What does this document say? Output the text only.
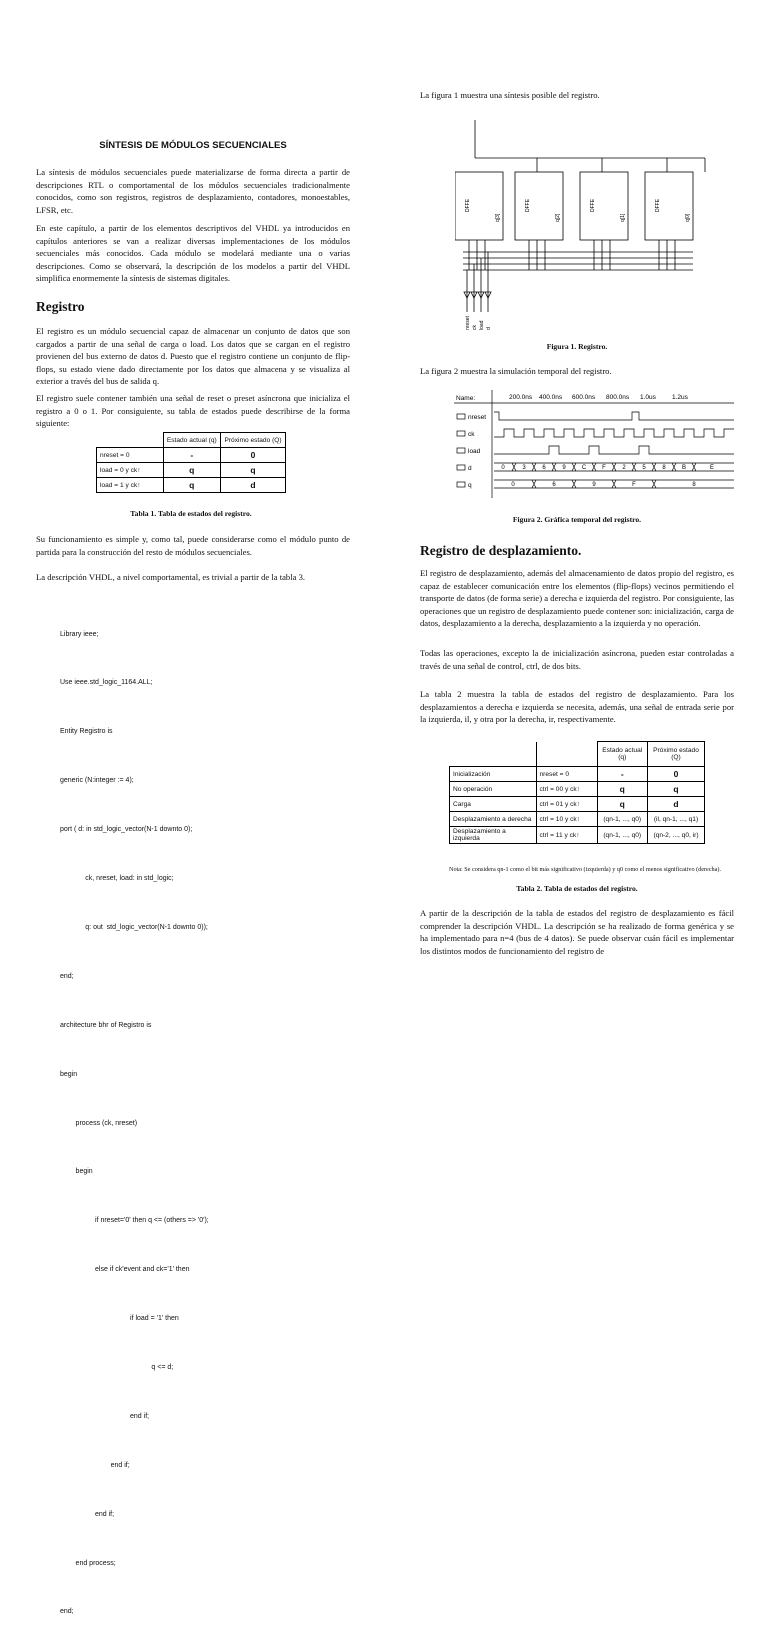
SÍNTESIS DE MÓDULOS SECUENCIALES

La síntesis de módulos secuenciales puede materializarse de forma directa a partir de descripciones RTL o comportamental de los módulos secuenciales tradicionalmente conocidos, como son registros, registros de desplazamiento, contadores, monoestables, LFSR, etc.

En este capítulo, a partir de los elementos descriptivos del VHDL ya introducidos en capítulos anteriores se van a realizar diversas implementaciones de los módulos secuenciales más conocidos. Cada módulo se modelará mediante una o varias descripciones. Como se observará, la descripción de los modelos a partir del VHDL simplifica enormemente la síntesis de sistemas digitales.

Registro

El registro es un módulo secuencial capaz de almacenar un conjunto de datos que son cargados a partir de una señal de carga o load. Los datos que se cargan en el registro provienen del bus externo de datos d. Puesto que el registro contiene un conjunto de flip-flops, su estado viene dado directamente por los datos que almacena y se visualiza al exterior a través del bus de salida q.

El registro suele contener también una señal de reset o preset asíncrona que inicializa el registro a 0 o 1. Por consiguiente, su tabla de estados puede describirse de la forma siguiente:

	Estado actual (q)	Próximo estado (Q)
nreset = 0	-	0
load = 0 y ck↑	q	q
load = 1 y ck↑	q	d
Tabla 1. Tabla de estados del registro.

Su funcionamiento es simple y, como tal, puede considerarse como el módulo punto de partida para la construcción del resto de módulos secuenciales.

La descripción VHDL, a nivel comportamental, es trivial a partir de la tabla 3.

Library ieee;

Use ieee.std_logic_1164.ALL;

Entity Registro is

generic (N:integer := 4);

port ( d: in std_logic_vector(N-1 downto 0);

ck, nreset, load: in std_logic;

q: out  std_logic_vector(N-1 downto 0));

end;

architecture bhr of Registro is

begin

process (ck, nreset)

begin

if nreset='0' then q <= (others => '0');

else if ck'event and ck='1' then

if load = '1' then

q <= d;

end if;

end if;

end if;

end process;

end;

La figura 1 muestra una síntesis posible del registro.

DFFE	DFFE	DFFE	DFFE
q[3]	q[2]	q[1]	q[0]
nreset ck load d
Figura 1. Registro.

La figura 2 muestra la simulación temporal del registro.

Name:	200.0ns 400.0ns 600.0ns 800.0ns 1.0us 1.2us
nreset
ck
load
d
q
0	3	6	9	C	F	2	5	8	B	E
0	6	9	F	8
Figura 2. Gráfica temporal del registro.
Registro de desplazamiento.

El registro de desplazamiento, además del almacenamiento de datos propio del registro, es capaz de establecer comunicación entre los elementos (flip-flops) vecinos permitiendo el transporte de datos (de forma serie) a derecha e izquierda del registro. Por consiguiente, las operaciones que un registro de desplazamiento puede contener son: inicialización, carga de datos, desplazamiento a la derecha, desplazamiento a la izquierda y no operación.

Todas las operaciones, excepto la de inicialización asíncrona, pueden estar controladas a través de una señal de control, ctrl, de dos bits.

La tabla 2 muestra la tabla de estados del registro de desplazamiento. Para los desplazamientos a derecha e izquierda se necesita, además, una señal de entrada serie por la izquierda, il, y otra por la derecha, ir, respectivamente.

		Estado actual (q)	Próximo estado (Q)
Inicialización	nreset = 0	-	0
No operación	ctrl = 00 y ck↑	q	q
Carga	ctrl = 01 y ck↑	q	d
Desplazamiento a derecha	ctrl = 10 y ck↑	(qn-1, ..., q0)	(il, qn-1, ..., q1)
Desplazamiento a izquierda	ctrl = 11 y ck↑	(qn-1, ..., q0)	(qn-2, ..., q0, ir)
Nota: Se considera qn-1 como el bit más significativo (izquierda) y q0 como el menos significativo (derecha).
Tabla 2. Tabla de estados del registro.

A partir de la descripción de la tabla de estados del registro de desplazamiento es fácil comprender la descripción VHDL. La descripción se ha realizado de forma genérica y se ha implementado para n=4 (bus de 4 datos). Se puede observar cuán fácil es implementar los distintos modos de funcionamiento del registro de
